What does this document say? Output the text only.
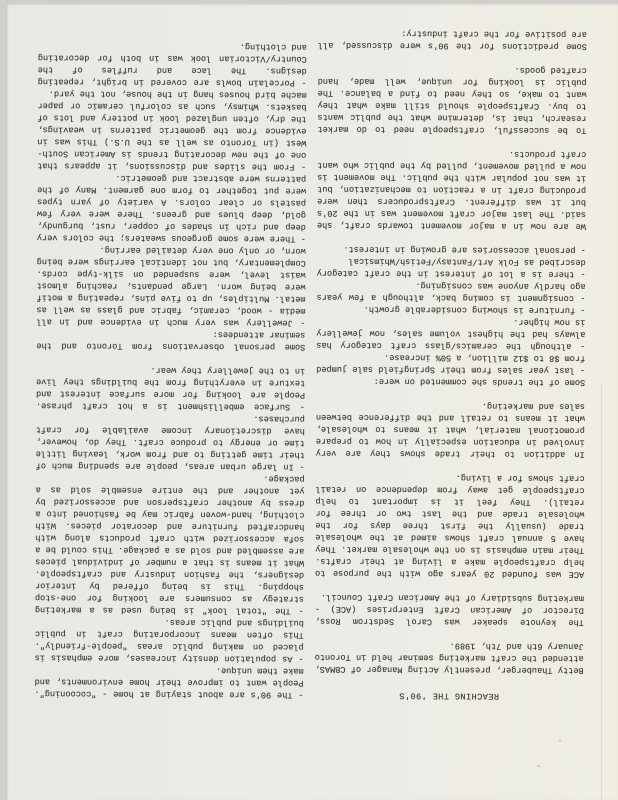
REACHING THE '90'S

Betty Thauberger, presently Acting Manager of CBMAS, attended the craft marketing seminar held in Toronto January 6th and 7th, 1989.

The keynote speaker was Carol Sedstrom Ross, Director of American Craft Enterprises (ACE) - marketing subsidiary of the American Craft Council.

ACE was founded 20 years ago with the purpose to help craftspeople make a living at their crafts. Their main emphasis is on the wholesale market. They have 5 annual craft shows aimed at the wholesale trade (usually the first three days for the wholesale trade and the last two or three for retail). They feel it is important to help craftspeople get away from dependence on retail craft shows for a living.

In addition to their trade shows they are very involved in education especially in how to prepare promotional material, what it means to wholesale, what it means to retail and the difference between sales and marketing.

Some of the trends she commented on were:

- last year sales from their Springfield sale jumped from $8 to $12 million, a 50% increase.

- although the ceramics/glass craft category has always had the highest volume sales, now jewellery is now higher.

- furniture is showing considerable growth.

- consignment is coming back, although a few years ago hardly anyone was consigning.

- there is a lot of interest in the craft category described as Folk Art/Fantasy/Fetish/Whimsical

- personal accessories are growing in interest.

We are now in a major movement towards craft, she said. The last major craft movement was in the 20's but it was different. Craftsproducers then were producing craft in a reaction to mechanization, but it was not popular with the public. The movement is now a pulled movement, pulled by the public who want craft products.

To be successful, craftspeople need to do market research, that is, determine what the public wants to buy. Craftspeople should still make what they want to make, so they need to find a balance. The public is looking for unique, well made, hand crafted goods.

Some predictions for the 90's were discussed, all are positive for the craft industry:

- The 90's are about staying at home - "cocooning". People want to improve their home environments, and make them unique.

- As population density increases, more emphasis is placed on making public areas "people-friendly". This often means incorporating craft in public buildings and public areas.

- The "total look" is being used as a marketing strategy as consumers are looking for one-stop shopping. This is being offered by interior designers, the fashion industry and craftspeople. What it means is that a number of individual pieces are assembled and sold as a package. This could be a sofa accessorized with craft products along with handcrafted furniture and decorator pieces. With clothing, hand-woven fabric may be fashioned into a dress by another craftsperson and accessorized by yet another and the entire ensemble sold as a package.

- In large urban areas, people are spending much of their time getting to and from work, leaving little time or energy to produce craft. They do, however, have discretionary income available for craft purchases.

- Surface embellishment is a hot craft phrase. People are looking for more surface interest and texture in everything from the buildings they live in to the jewellery they wear.

Some personal observations from Toronto and the seminar attendees:

- Jewellery was very much in evidence and in all media - wood, ceramic, fabric and glass as well as metal. Multiples, up to five pins, repeating a motif were being worn. Large pendants, reaching almost waist level, were suspended on silk-type cords. Complementary, but not identical earrings were being worn, or only one very detailed earring.

- There were some gorgeous sweaters; the colors very deep and rich in shades of copper, rust, burgundy, gold, deep blues and greens. There were very few pastels or clear colors. A variety of yarn types were put together to form one garment. Many of the patterns were abstract and geometric.

- From the slides and discussions, it appears that one of the new decorating trends is American South-West (in Toronto as well as the U.S.) This was in evidence from the geometric patterns in weavings, the dry, often unglazed look in pottery and lots of baskets. Whimsy, such as colorful ceramic or paper mache bird houses hang in the house, not the yard.

- Porcelain bowls are covered in bright, repeating designs. The lace and ruffles of the Country/Victorian look was in both for decorating and clothing.
